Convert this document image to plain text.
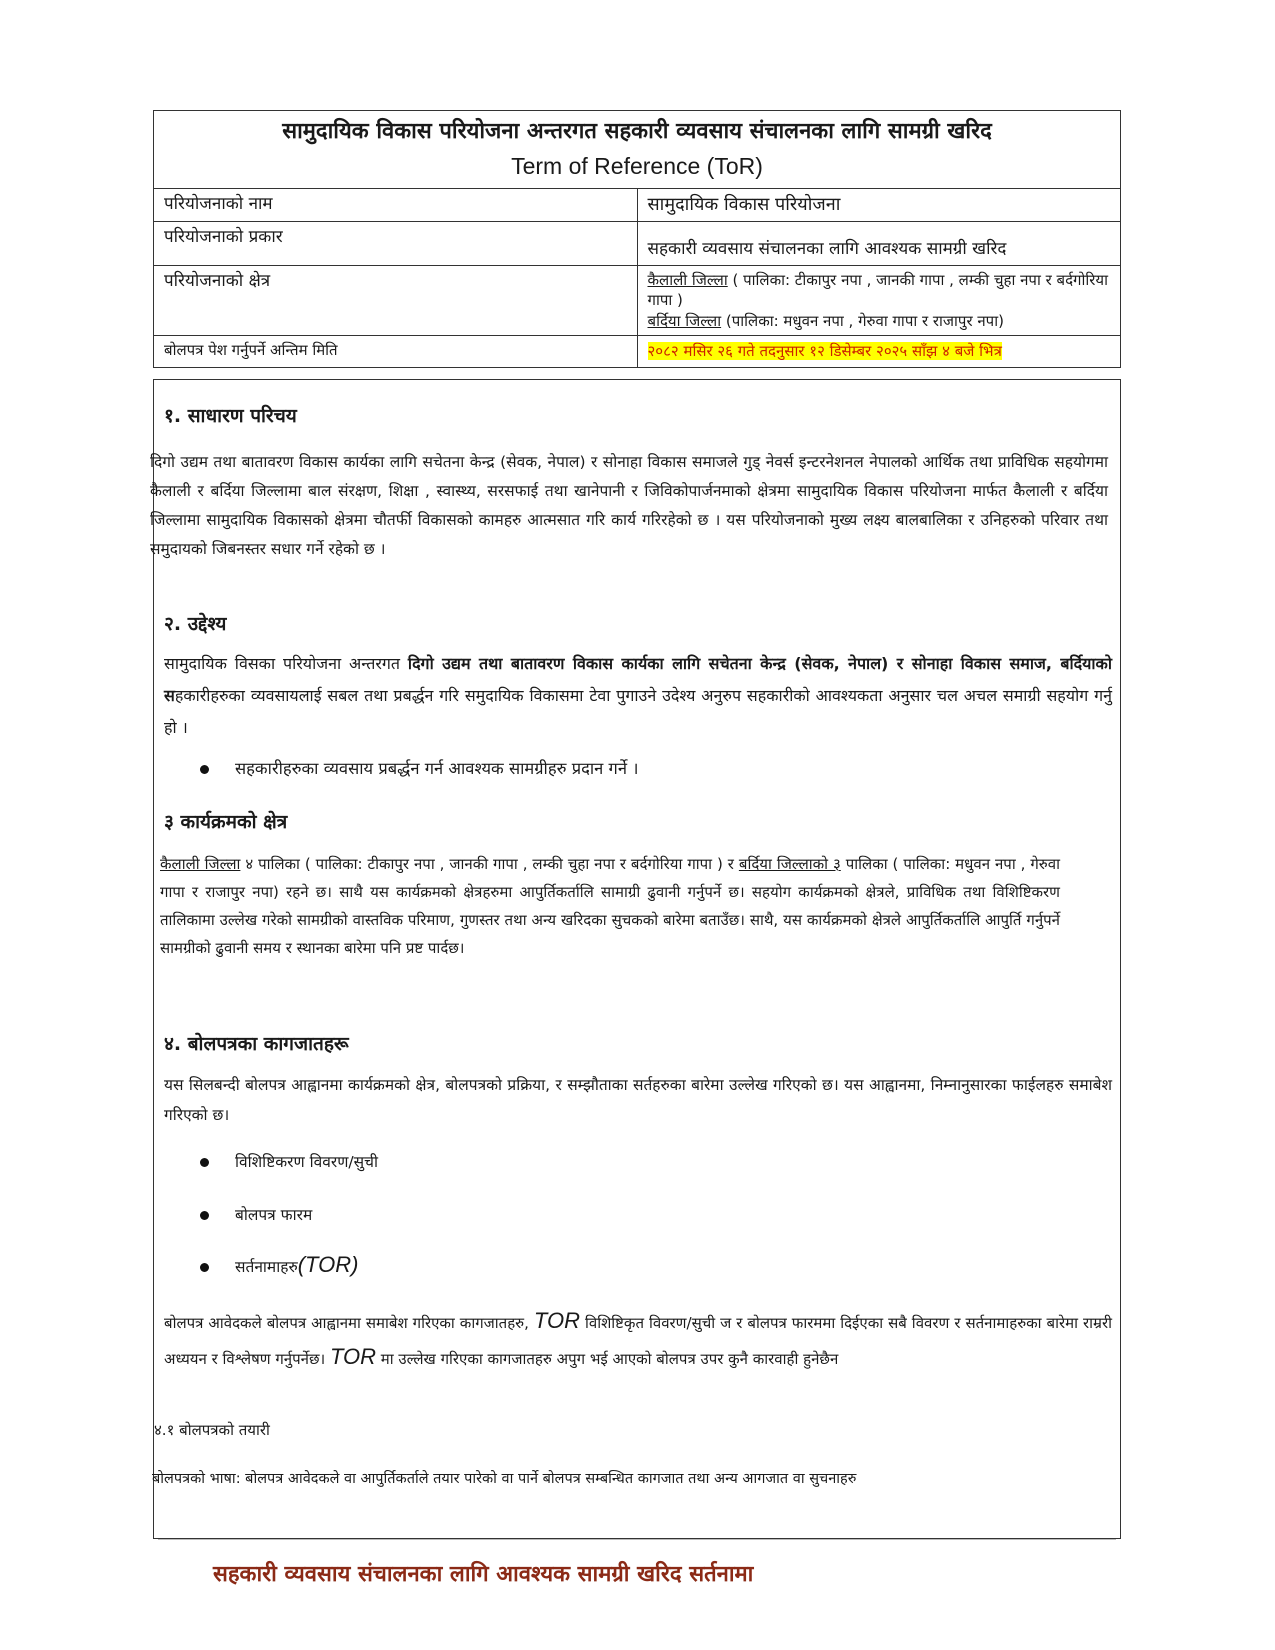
सामुदायिक विकास परियोजना अन्तरगत सहकारी व्यवसाय संचालनका लागि सामग्री खरिद
Term of Reference (ToR)	

परियोजनाको नाम	सामुदायिक विकास परियोजना
परियोजनाको प्रकार	सहकारी व्यवसाय संचालनका लागि आवश्यक सामग्री खरिद
परियोजनाको क्षेत्र	कैलाली जिल्ला ( पालिका: टीकापुर नपा , जानकी गापा , लम्की चुहा नपा र बर्दगोरिया गापा )
बर्दिया जिल्ला (पालिका: मधुवन नपा , गेरुवा गापा र राजापुर नपा)
बोलपत्र पेश गर्नुपर्ने अन्तिम मिति	२०८२ मसिर २६ गते तदनुसार १२ डिसेम्बर २०२५ साँझ ४ बजे भित्र
१. साधारण परिचय
दिगो उद्यम तथा बातावरण विकास कार्यका लागि सचेतना केन्द्र (सेवक, नेपाल) र सोनाहा विकास समाजले गुड् नेवर्स इन्टरनेशनल नेपालको आर्थिक तथा प्राविधिक सहयोगमा कैलाली र बर्दिया जिल्लामा बाल संरक्षण, शिक्षा , स्वास्थ्य, सरसफाई तथा खानेपानी र जिविकोपार्जनमाको क्षेत्रमा सामुदायिक विकास परियोजना मार्फत कैलाली र बर्दिया जिल्लामा सामुदायिक विकासको क्षेत्रमा चौतर्फी विकासको कामहरु आत्मसात गरि कार्य गरिरहेको छ । यस परियोजनाको मुख्य लक्ष्य बालबालिका र उनिहरुको परिवार तथा समुदायको जिबनस्तर सधार गर्ने रहेको छ ।
२. उद्देश्य
सामुदायिक विसका परियोजना अन्तरगत दिगो उद्यम तथा बातावरण विकास कार्यका लागि सचेतना केन्द्र (सेवक, नेपाल) र सोनाहा विकास समाज, बर्दियाको सहकारीहरुका व्यवसायलाई सबल तथा प्रबर्द्धन गरि समुदायिक विकासमा टेवा पुगाउने उदेश्य अनुरुप सहकारीको आवश्यकता अनुसार चल अचल समाग्री सहयोग गर्नु हो ।
सहकारीहरुका व्यवसाय प्रबर्द्धन गर्न आवश्यक सामग्रीहरु प्रदान गर्ने ।
३ कार्यक्रमको क्षेत्र
कैलाली जिल्ला ४ पालिका ( पालिका: टीकापुर नपा , जानकी गापा , लम्की चुहा नपा र बर्दगोरिया गापा ) र बर्दिया जिल्लाको ३ पालिका ( पालिका: मधुवन नपा , गेरुवा गापा र राजापुर नपा) रहने छ। साथै यस कार्यक्रमको क्षेत्रहरुमा आपुर्तिकर्तालि सामाग्री ढुवानी गर्नुपर्ने छ। सहयोग कार्यक्रमको क्षेत्रले, प्राविधिक तथा विशिष्टिकरण तालिकामा उल्लेख गरेको सामग्रीको वास्तविक परिमाण, गुणस्तर तथा अन्य खरिदका सुचकको बारेमा बताउँछ। साथै, यस कार्यक्रमको क्षेत्रले आपुर्तिकर्तालि आपुर्ति गर्नुपर्ने सामग्रीको ढुवानी समय र स्थानका बारेमा पनि प्रष्ट पार्दछ।
४. बोलपत्रका कागजातहरू
यस सिलबन्दी बोलपत्र आह्वानमा कार्यक्रमको क्षेत्र, बोलपत्रको प्रक्रिया, र सम्झौताका सर्तहरुका बारेमा उल्लेख गरिएको छ। यस आह्वानमा, निम्नानुसारका फाईलहरु समाबेश गरिएको छ।
विशिष्टिकरण विवरण/सुची
बोलपत्र फारम
सर्तनामाहरु(TOR)
बोलपत्र आवेदकले बोलपत्र आह्वानमा समाबेश गरिएका कागजातहरु, TOR विशिष्टिकृत विवरण/सुची ज र बोलपत्र फारममा दिईएका सबै विवरण र सर्तनामाहरुका बारेमा राम्ररी अध्ययन र विश्लेषण गर्नुपर्नेछ। TOR मा उल्लेख गरिएका कागजातहरु अपुग भई आएको बोलपत्र उपर कुनै कारवाही हुनेछैन
४.१ बोलपत्रको तयारी
बोलपत्रको भाषा: बोलपत्र आवेदकले वा आपुर्तिकर्ताले तयार पारेको वा पार्ने बोलपत्र सम्बन्धित कागजात तथा अन्य आगजात वा सुचनाहरु
सहकारी व्यवसाय संचालनका लागि आवश्यक सामग्री खरिद सर्तनामा
